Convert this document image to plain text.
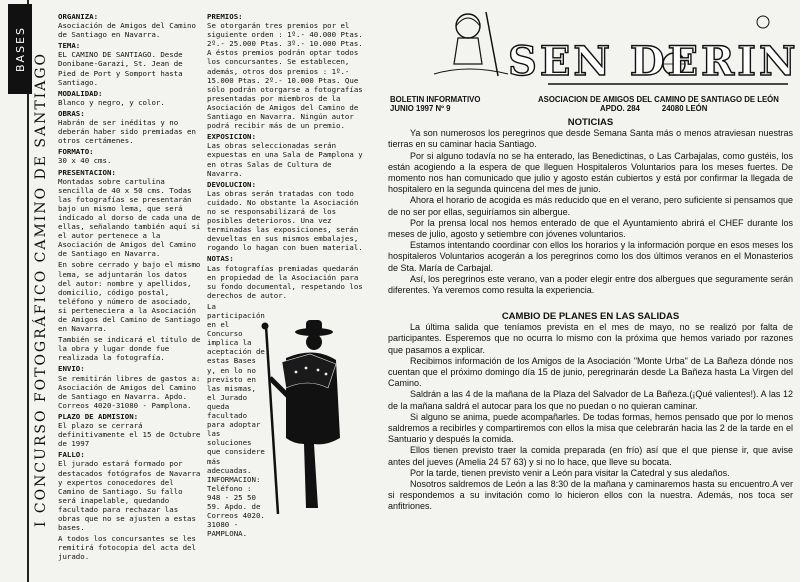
BASES
I CONCURSO FOTOGRÁFICO CAMINO DE SANTIAGO

ORGANIZA:
Asociación de Amigos del Camino de Santiago en Navarra.

TEMA:
EL CAMINO DE SANTIAGO. Desde Donibane-Garazi, St. Jean de Pied de Port y Somport hasta Santiago.

MODALIDAD:
Blanco y negro, y color.

OBRAS:
Habrán de ser inéditas y no deberán haber sido premiadas en otros certámenes.

FORMATO:
30 x 40 cms.

PRESENTACION:
Montadas sobre cartulina sencilla de 40 x 50 cms. Todas las fotografías se presentarán bajo un mismo lema, que será indicado al dorso de cada una de ellas, señalando también aquí si el autor pertenece a la Asociación de Amigos del Camino de Santiago en Navarra.

En sobre cerrado y bajo el mismo lema, se adjuntarán los datos del autor: nombre y apellidos, domicilio, código postal, teléfono y número de asociado, si perteneciera a la Asociación de Amigos del Camino de Santiago en Navarra.

También se indicará el título de la obra y lugar donde fue realizada la fotografía.

ENVIO:
Se remitirán libres de gastos a: Asociación de Amigos del Camino de Santiago en Navarra. Apdo. Correos 4020-31080 - Pamplona.

PLAZO DE ADMISION:
El plazo se cerrará definitivamente el 15 de Octubre de 1997

FALLO:
El jurado estará formado por destacados fotógrafos de Navarra y expertos conocedores del Camino de Santiago. Su fallo será inapelable, quedando facultado para rechazar las obras que no se ajusten a estas bases.

A todos los concursantes se les remitirá fotocopia del acta del jurado.

PREMIOS:
Se otorgarán tres premios por el siguiente orden : 1º.- 40.000 Ptas. 2º.- 25.000 Ptas. 3º.- 10.000 Ptas. A éstos premios podrán optar todos los concursantes. Se establecen, además, otros dos premios : 1º.- 15.000 Ptas. 2º.- 10.000 Ptas. Que sólo podrán otorgarse a fotografías presentadas por miembros de la Asociación de Amigos del Camino de Santiago en Navarra. Ningún autor podrá recibir más de un premio.

EXPOSICION:
Las obras seleccionadas serán expuestas en una Sala de Pamplona y en otras Salas de Cultura de Navarra.

DEVOLUCION:
Las obras serán tratadas con todo cuidado. No obstante la Asociación no se responsabilizará de los posibles deterioros. Una vez terminadas las exposiciones, serán devueltas en sus mismos embalajes, rogando lo hagan con buen material.

NOTAS:
Las fotografías premiadas quedarán en propiedad de la Asociación para su fondo documental, respetando los derechos de autor.

La participación en el Concurso implica la aceptación de estas Bases y, en lo no previsto en las mismas, el Jurado queda facultado para adoptar las soluciones que considere más adecuadas. INFORMACION: Teléfono : 948 - 25 50 59. Apdo. de Correos 4020. 31080 - PAMPLONA.

SEN DERIN
BOLETIN INFORMATIVO
JUNIO 1997 Nº 9
ASOCIACION DE AMIGOS DEL CAMINO DE SANTIAGO DE LEÓN
APDO. 284	24080 LEÓN

NOTICIAS

Ya son numerosos los peregrinos que desde Semana Santa más o menos atraviesan nuestras tierras en su caminar hacia Santiago.

Por si alguno todavía no se ha enterado, las Benedictinas, o Las Carbajalas, como gustéis, los están acogiendo a la espera de que lleguen Hospitaleros Voluntarios para los meses fuertes. De momento nos han comunicado que julio y agosto están cubiertos y está por confirmar la llegada de hospitalero en la segunda quincena del mes de junio.

Ahora el horario de acogida es más reducido que en el verano, pero suficiente si pensamos que de no ser por ellas, seguiríamos sin albergue.

Por la prensa local nos hemos enterado de que el Ayuntamiento abrirá el CHEF durante los meses de julio, agosto y setiembre con jóvenes voluntarios.

Estamos intentando coordinar con ellos los horarios y la información porque en esos meses los hospitaleros Voluntarios acogerán a los peregrinos como los dos últimos veranos en el Monasterios de Sta. María de Carbajal.

Así, los peregrinos este verano, van a poder elegir entre dos albergues que seguramente serán diferentes. Ya veremos como resulta la experiencia.

CAMBIO DE PLANES EN LAS SALIDAS

La última salida que teníamos prevista en el mes de mayo, no se realizó por falta de participantes. Esperemos que no ocurra lo mismo con la próxima que hemos variado por razones que pasamos a explicar.

Recibimos información de los Amigos de la Asociación "Monte Urba" de La Bañeza dónde nos cuentan que el próximo domingo día 15 de junio, peregrinarán desde La Bañeza hasta La Virgen del Camino.

Saldrán a las 4 de la mañana de la Plaza del Salvador de La Bañeza.(¡Qué valientes!). A las 12 de la mañana saldrá el autocar para los que no puedan o no quieran caminar.

Si alguno se anima, puede acompañarles. De todas formas, hemos pensado que por lo menos saldremos a recibirles y compartiremos con ellos la misa que celebrarán hacia las 2 de la tarde en el Santuario y después la comida.

Ellos tienen previsto traer la comida preparada (en frío) así que el que piense ir, que avise antes del jueves (Amelia 24 57 63) y si no lo hace, que lleve su bocata.

Por la tarde, tienen previsto venir a León para visitar la Catedral y sus aledaños.

Nosotros saldremos de León a las 8:30 de la mañana y caminaremos hasta su encuentro.A ver si respondemos a su invitación como lo hicieron ellos con la nuestra. Además, nos toca ser anfitriones.
